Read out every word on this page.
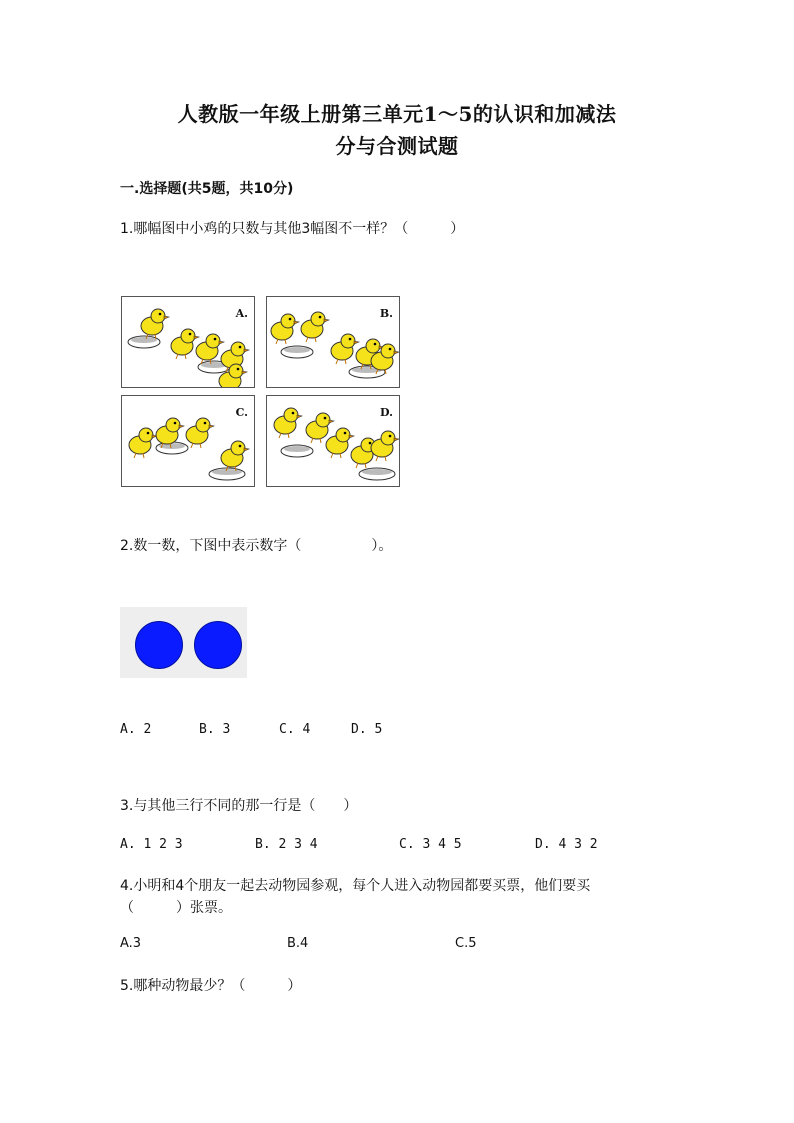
人教版一年级上册第三单元1～5的认识和加减法
分与合测试题
一.选择题(共5题，共10分)
1.哪幅图中小鸡的只数与其他3幅图不一样？（　　　）
A.	B.
C.	D.
2.数一数，下图中表示数字（　　　　　）。
A. 2	B. 3	C. 4	D. 5
3.与其他三行不同的那一行是（　　）
A. 1 2 3	B. 2 3 4	C. 3 4 5	D. 4 3 2
4.小明和4个朋友一起去动物园参观，每个人进入动物园都要买票，他们要买
（　　　）张票。
A.3	B.4	C.5
5.哪种动物最少？（　　　）
